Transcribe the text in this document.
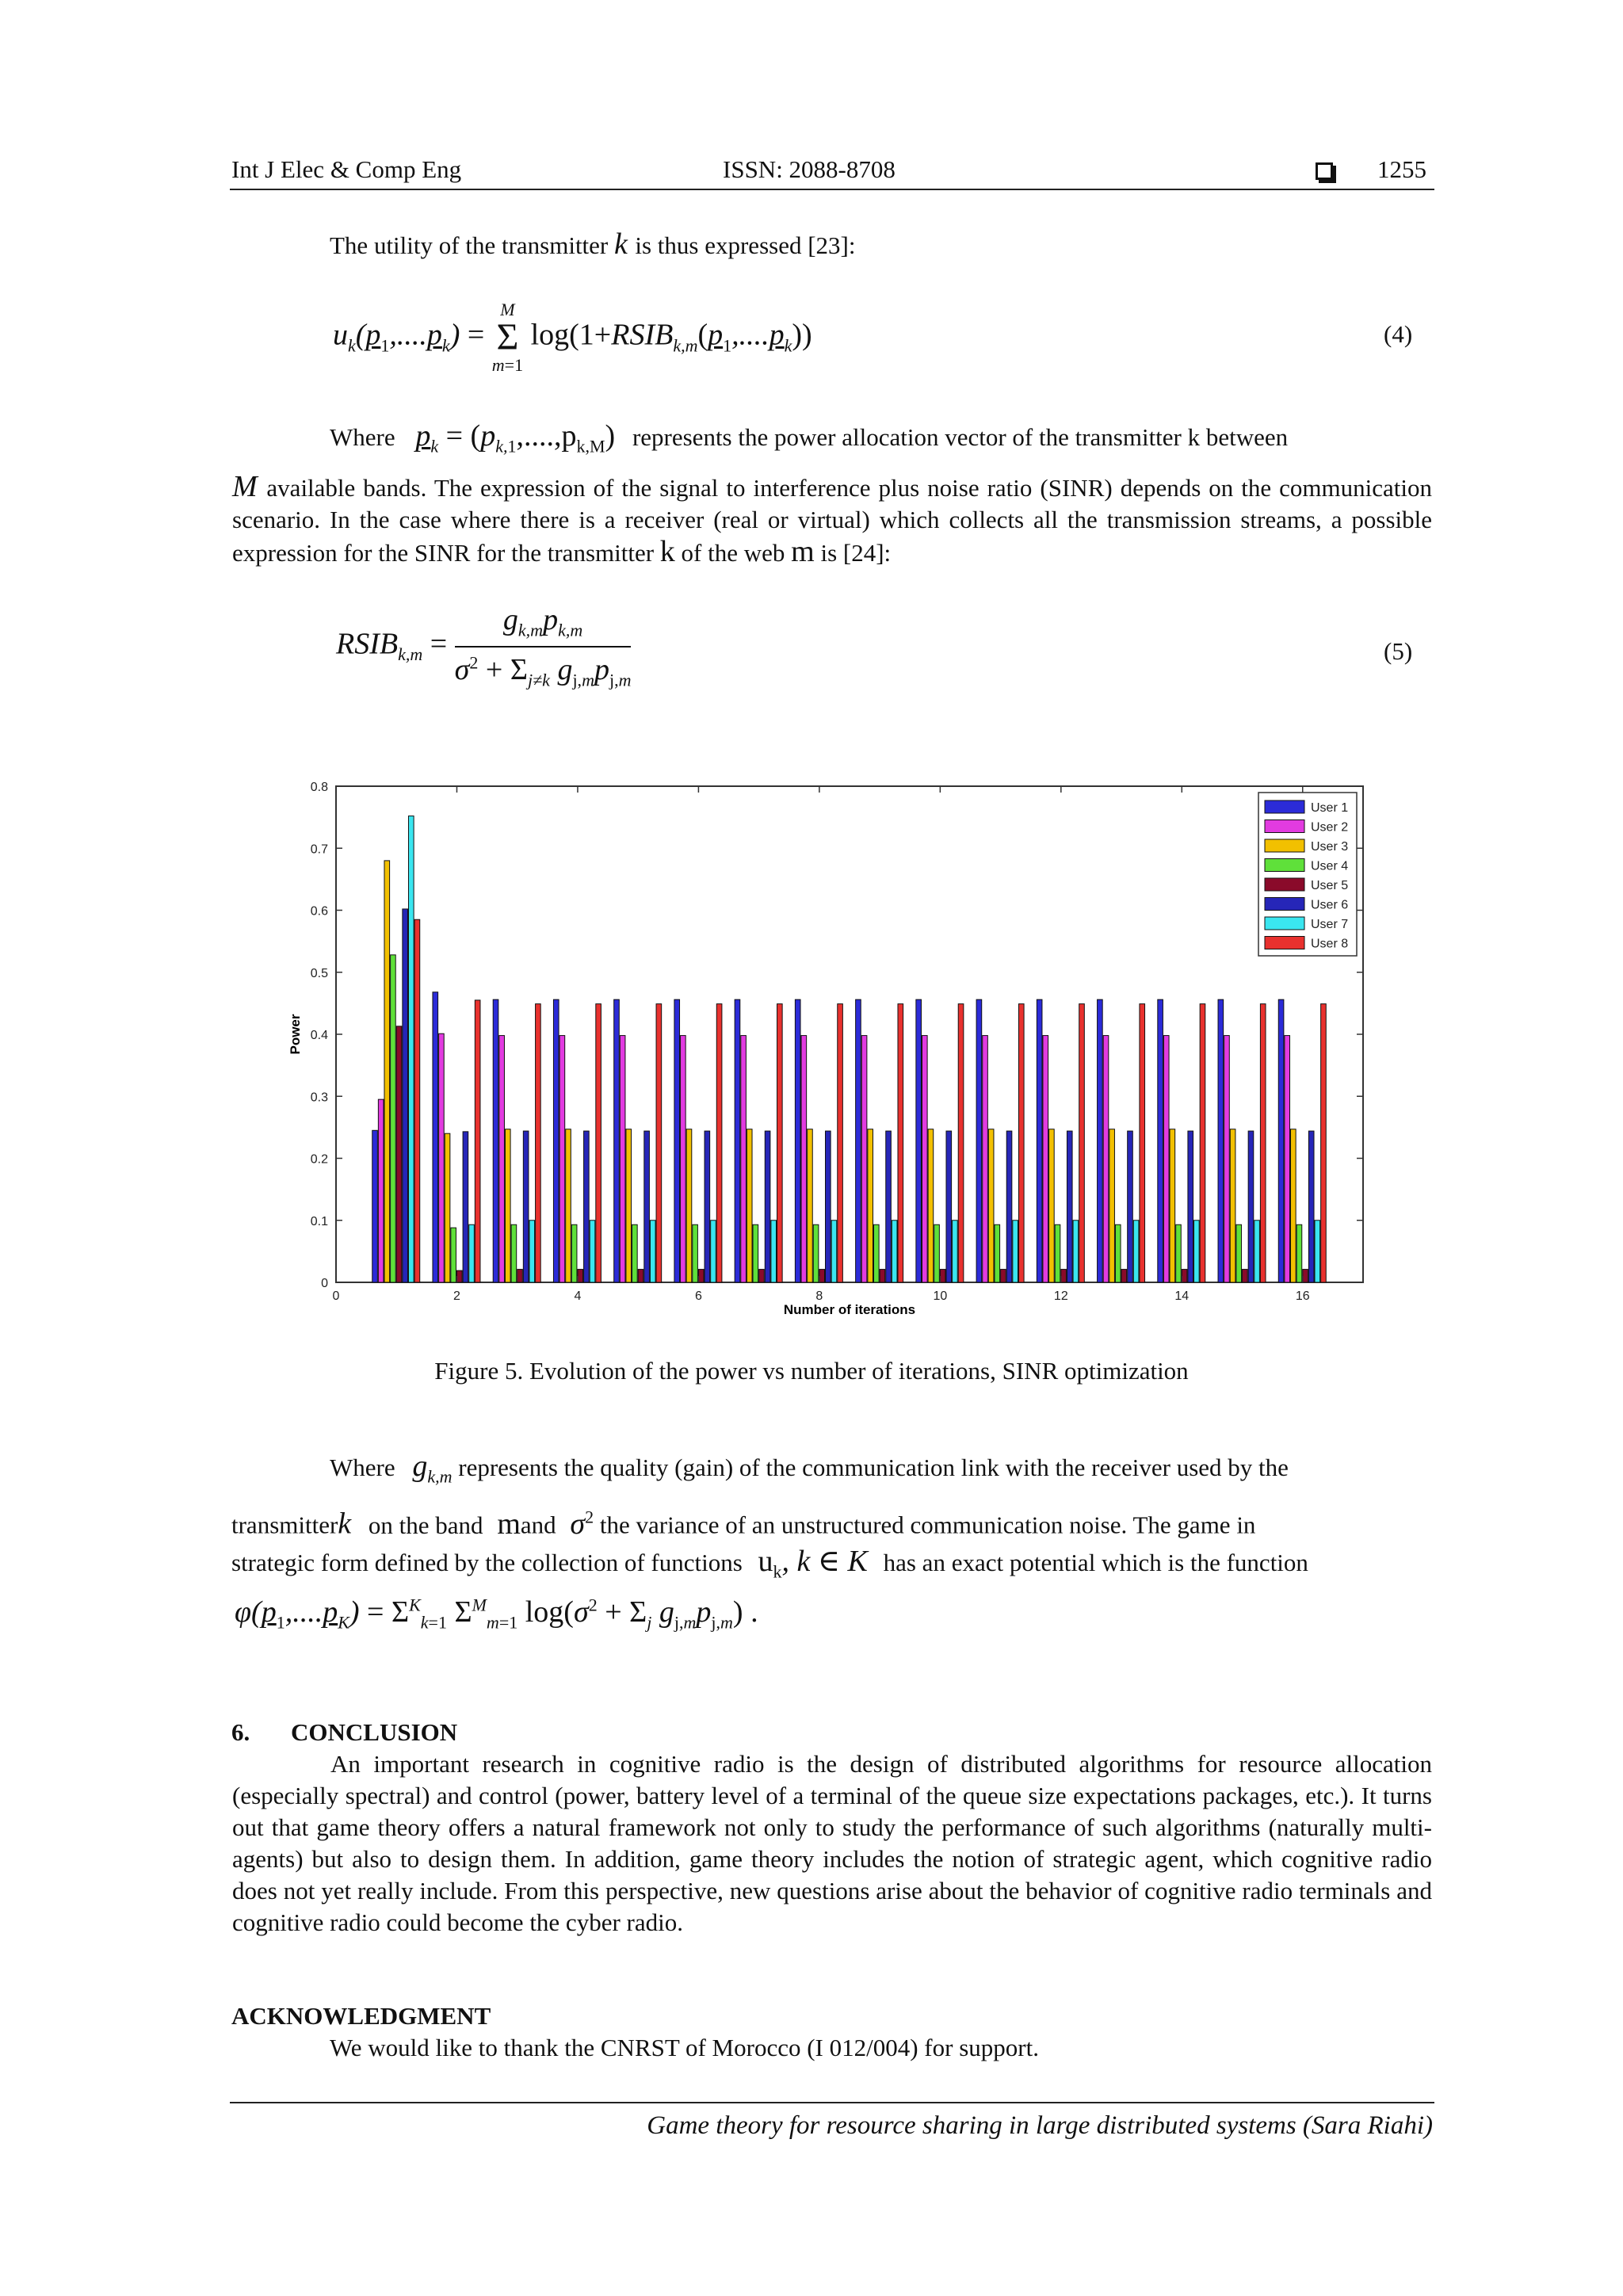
Int J Elec & Comp Eng	ISSN: 2088-8708	1255
The utility of the transmitter k is thus expressed [23]:
$u_k(p_1,....p_k)$ =
M
Σ
m=1
$\log(1+RSIB_{k,m}(p_1,....p_k))$	(4)
Where $p_k = (p_{k,1},....,p_{k,M})$ represents the power allocation vector of the transmitter k between
M available bands. The expression of the signal to interference plus noise ratio (SINR) depends on the communication scenario. In the case where there is a receiver (real or virtual) which collects all the transmission streams, a possible expression for the SINR for the transmitter k of the web m is [24]:
$RSIB_{k,m} = \frac{g_{k,m}p_{k,m}}{\sigma^2 + \Sigma_{j\ne k} g_{j,m}p_{j,m}}$	(5)
0
0.1
0.2
0.3
0.4
0.5
0.6
0.7
0.8
0	2	4	6	8	10	12	14	16
Power
Number of iterations
User 1
User 2
User 3
User 4
User 5
User 6
User 7
User 8
Figure 5. Evolution of the power vs number of iterations, SINR optimization
Where $g_{k,m}$ represents the quality (gain) of the communication link with the receiver used by the
transmitterk on the band mand $\sigma^2$ the variance of an unstructured communication noise. The game in
strategic form defined by the collection of functions $u_k$, k ∈ K has an exact potential which is the function
$\varphi(p_1,....p_K) = \Sigma^K_{k=1}$ $\Sigma^M_{m=1}$ $\log(\sigma^2 + \Sigma_j$ $g_{j,m}p_{j,m}$) .
6. CONCLUSION
An important research in cognitive radio is the design of distributed algorithms for resource allocation (especially spectral) and control (power, battery level of a terminal of the queue size expectations packages, etc.). It turns out that game theory offers a natural framework not only to study the performance of such algorithms (naturally multi-agents) but also to design them. In addition, game theory includes the notion of strategic agent, which cognitive radio does not yet really include. From this perspective, new questions arise about the behavior of cognitive radio terminals and cognitive radio could become the cyber radio.
ACKNOWLEDGMENT
We would like to thank the CNRST of Morocco (I 012/004) for support.
Game theory for resource sharing in large distributed systems (Sara Riahi)
